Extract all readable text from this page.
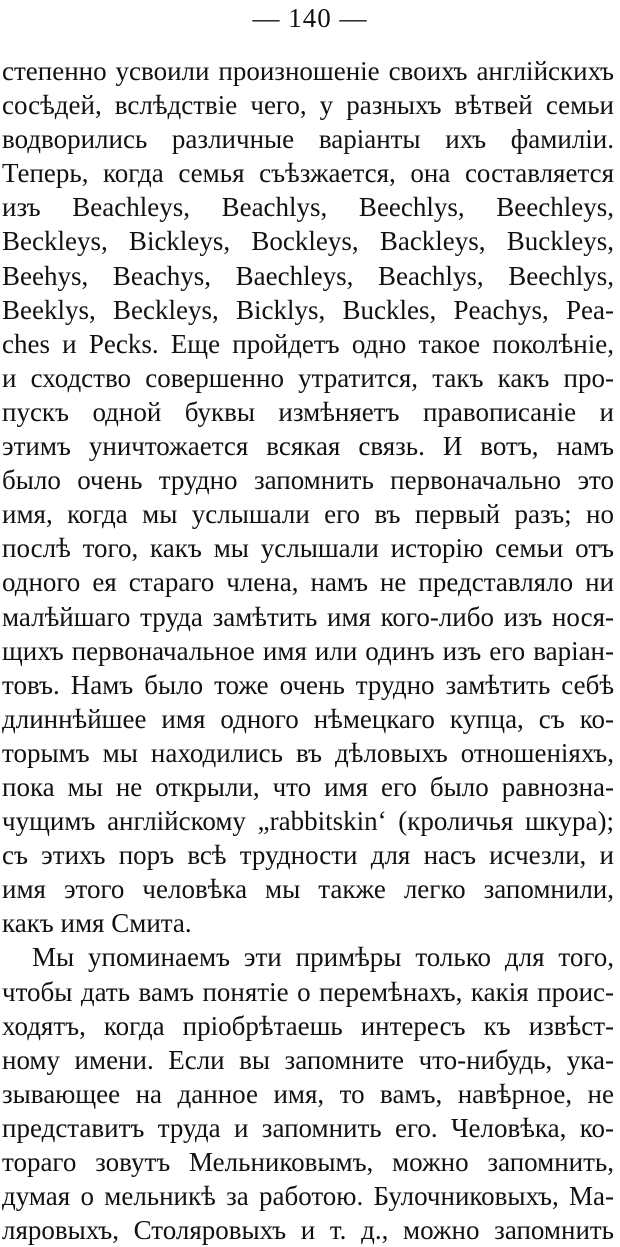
— 140 —
степенно усвоили произношеніе своихъ англійскихъ
сосѣдей, вслѣдствіе чего, у разныхъ вѣтвей семьи
водворились различные варіанты ихъ фамиліи.
Теперь, когда семья съѣзжается, она составляется
изъ Beachleys, Beachlys, Beechlys, Beechleys,
Beckleys, Bickleys, Bockleys, Backleys, Buckleys,
Beehys, Beachys, Baechleys, Beachlys, Beechlys,
Beeklys, Beckleys, Bicklys, Buckles, Peachys, Pea-
ches и Pecks. Еще пройдетъ одно такое поколѣніе,
и сходство совершенно утратится, такъ какъ про-
пускъ одной буквы измѣняетъ правописаніе и
этимъ уничтожается всякая связь. И вотъ, намъ
было очень трудно запомнить первоначально это
имя, когда мы услышали его въ первый разъ; но
послѣ того, какъ мы услышали исторію семьи отъ
одного ея стараго члена, намъ не представляло ни
малѣйшаго труда замѣтить имя кого-либо изъ нося-
щихъ первоначальное имя или одинъ изъ его варіан-
товъ. Намъ было тоже очень трудно замѣтить себѣ
длиннѣйшее имя одного нѣмецкаго купца, съ ко-
торымъ мы находились въ дѣловыхъ отношеніяхъ,
пока мы не открыли, что имя его было равнозна-
чущимъ англійскому „rabbitskin‘ (кроличья шкура);
съ этихъ поръ всѣ трудности для насъ исчезли, и
имя этого человѣка мы также легко запомнили,
какъ имя Смита.
Мы упоминаемъ эти примѣры только для того,
чтобы дать вамъ понятіе о перемѣнахъ, какія проис-
ходятъ, когда пріобрѣтаешь интересъ къ извѣст-
ному имени. Если вы запомните что-нибудь, ука-
зывающее на данное имя, то вамъ, навѣрное, не
представитъ труда и запомнить его. Человѣка, ко-
тораго зовутъ Мельниковымъ, можно запомнить,
думая о мельникѣ за работою. Булочниковыхъ, Ма-
ляровыхъ, Столяровыхъ и т. д., можно запомнить
